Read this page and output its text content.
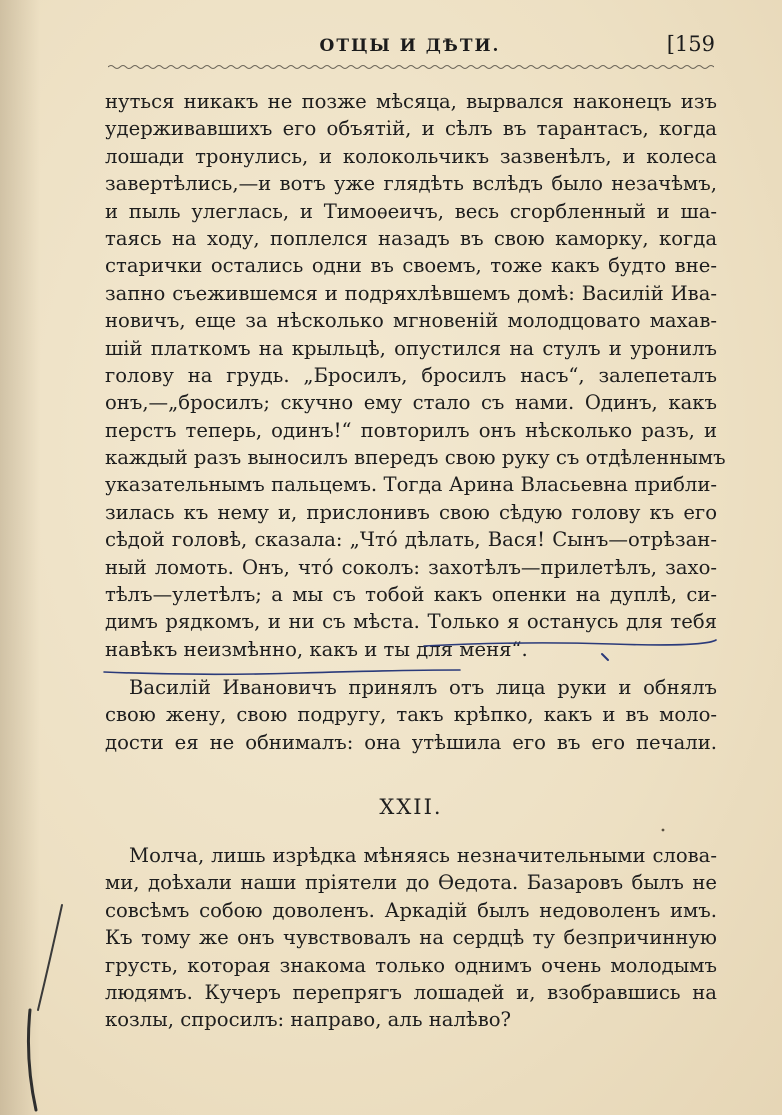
ОТЦЫ И ДѢТИ.	[159
нуться никакъ не позже мѣсяца, вырвался наконецъ изъ
удерживавшихъ его объятій, и сѣлъ въ тарантасъ, когда
лошади тронулись, и колокольчикъ зазвенѣлъ, и колеса
завертѣлись,—и вотъ уже глядѣть вслѣдъ было незачѣмъ,
и пыль улеглась, и Тимоѳеичъ, весь сгорбленный и ша-
таясь на ходу, поплелся назадъ въ свою каморку, когда
старички остались одни въ своемъ, тоже какъ будто вне-
запно съежившемся и подряхлѣвшемъ домѣ: Василій Ива-
новичъ, еще за нѣсколько мгновеній молодцовато махав-
шій платкомъ на крыльцѣ, опустился на стулъ и уронилъ
голову на грудь. „Бросилъ, бросилъ насъ“, залепеталъ
онъ,—„бросилъ; скучно ему стало съ нами. Одинъ, какъ
перстъ теперь, одинъ!“ повторилъ онъ нѣсколько разъ, и
каждый разъ выносилъ впередъ свою руку съ отдѣленнымъ
указательнымъ пальцемъ. Тогда Арина Власьевна прибли-
зилась къ нему и, прислонивъ свою сѣдую голову къ его
сѣдой головѣ, сказала: „Что́ дѣлать, Вася! Сынъ—отрѣзан-
ный ломоть. Онъ, что́ соколъ: захотѣлъ—прилетѣлъ, захо-
тѣлъ—улетѣлъ; а мы съ тобой какъ опенки на дуплѣ, си-
димъ рядкомъ, и ни съ мѣста. Только я останусь для тебя
навѣкъ неизмѣнно, какъ и ты для меня“.
Василій Ивановичъ принялъ отъ лица руки и обнялъ
свою жену, свою подругу, такъ крѣпко, какъ и въ моло-
дости ея не обнималъ: она утѣшила его въ его печали.
XXII.
Молча, лишь изрѣдка мѣняясь незначительными слова-
ми, доѣхали наши пріятели до Ѳедота. Базаровъ былъ не
совсѣмъ собою доволенъ. Аркадій былъ недоволенъ имъ.
Къ тому же онъ чувствовалъ на сердцѣ ту безпричинную
грусть, которая знакома только однимъ очень молодымъ
людямъ. Кучеръ перепрягъ лошадей и, взобравшись на
козлы, спросилъ: направо, аль налѣво?
